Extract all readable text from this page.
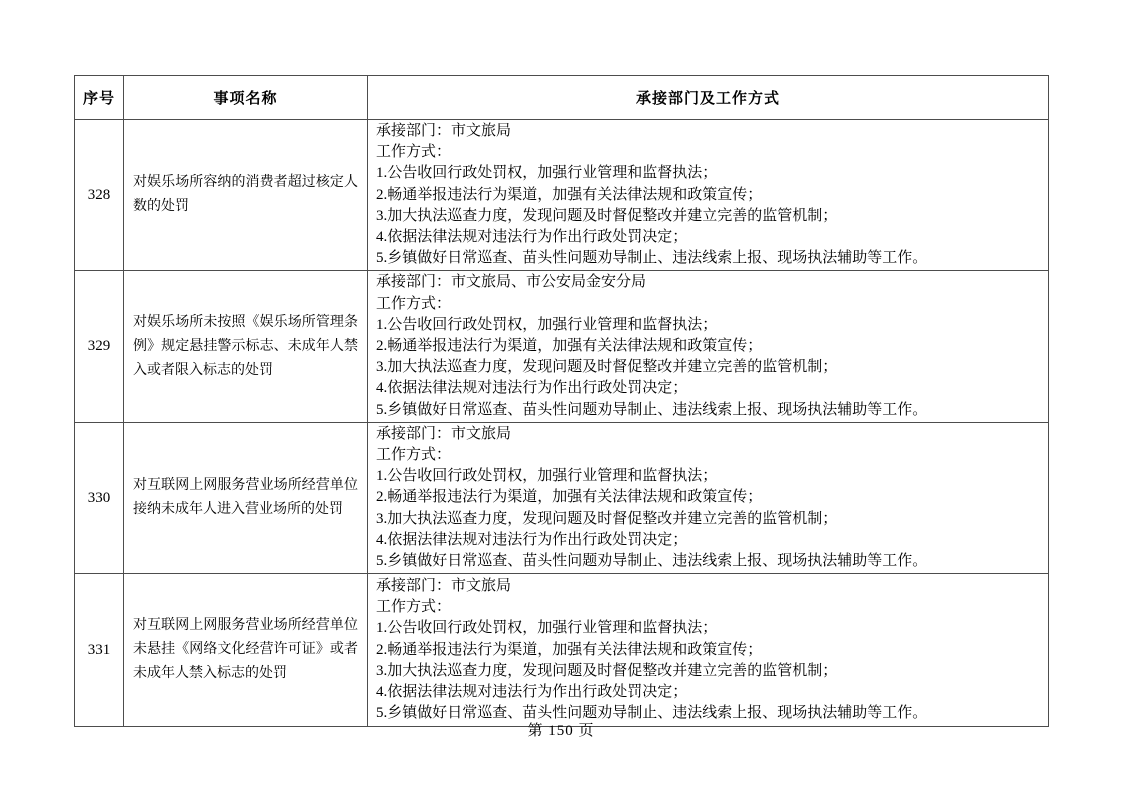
序号	事项名称	承接部门及工作方式
328	对娱乐场所容纳的消费者超过核定人数的处罚	
承接部门：市文旅局
工作方式：
1.公告收回行政处罚权，加强行业管理和监督执法；
2.畅通举报违法行为渠道，加强有关法律法规和政策宣传；
3.加大执法巡查力度，发现问题及时督促整改并建立完善的监管机制；
4.依据法律法规对违法行为作出行政处罚决定；
5.乡镇做好日常巡查、苗头性问题劝导制止、违法线索上报、现场执法辅助等工作。

329	对娱乐场所未按照《娱乐场所管理条例》规定悬挂警示标志、未成年人禁入或者限入标志的处罚	
承接部门：市文旅局、市公安局金安分局
工作方式：
1.公告收回行政处罚权，加强行业管理和监督执法；
2.畅通举报违法行为渠道，加强有关法律法规和政策宣传；
3.加大执法巡查力度，发现问题及时督促整改并建立完善的监管机制；
4.依据法律法规对违法行为作出行政处罚决定；
5.乡镇做好日常巡查、苗头性问题劝导制止、违法线索上报、现场执法辅助等工作。

330	对互联网上网服务营业场所经营单位接纳未成年人进入营业场所的处罚	
承接部门：市文旅局
工作方式：
1.公告收回行政处罚权，加强行业管理和监督执法；
2.畅通举报违法行为渠道，加强有关法律法规和政策宣传；
3.加大执法巡查力度，发现问题及时督促整改并建立完善的监管机制；
4.依据法律法规对违法行为作出行政处罚决定；
5.乡镇做好日常巡查、苗头性问题劝导制止、违法线索上报、现场执法辅助等工作。

331	对互联网上网服务营业场所经营单位未悬挂《网络文化经营许可证》或者未成年人禁入标志的处罚	
承接部门：市文旅局
工作方式：
1.公告收回行政处罚权，加强行业管理和监督执法；
2.畅通举报违法行为渠道，加强有关法律法规和政策宣传；
3.加大执法巡查力度，发现问题及时督促整改并建立完善的监管机制；
4.依据法律法规对违法行为作出行政处罚决定；
5.乡镇做好日常巡查、苗头性问题劝导制止、违法线索上报、现场执法辅助等工作。
第 150 页
